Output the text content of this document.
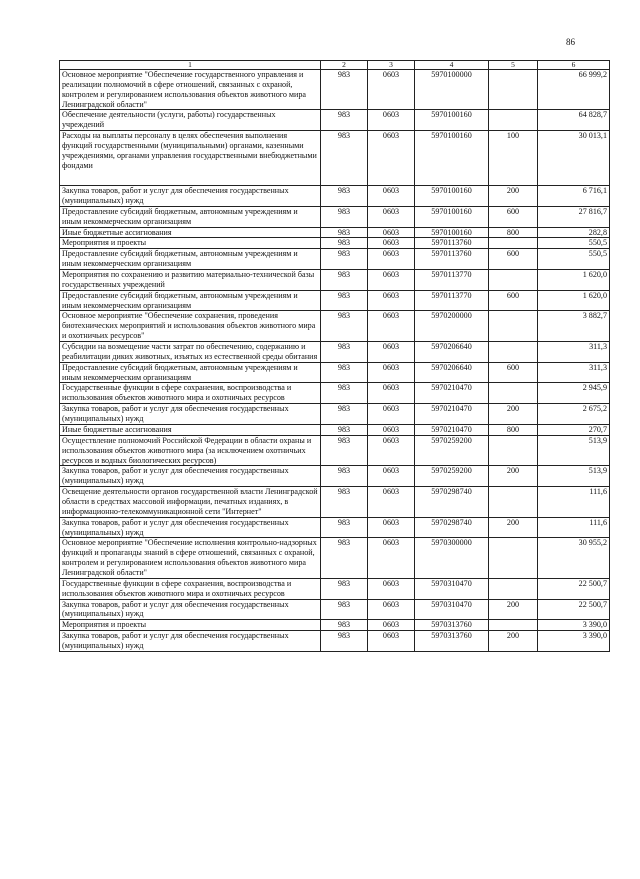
86
1	2	3	4	5	6
Основное мероприятие "Обеспечение государственного управления и реализации полномочий в сфере отношений, связанных с охраной, контролем и регулированием использования объектов животного мира Ленинградской области"	983	0603	5970100000		66 999,2
Обеспечение деятельности (услуги, работы) государственных учреждений	983	0603	5970100160		64 828,7
Расходы на выплаты персоналу в целях обеспечения выполнения функций государственными (муниципальными) органами, казенными учреждениями, органами управления государственными внебюджетными фондами	983	0603	5970100160	100	30 013,1
Закупка товаров, работ и услуг для обеспечения государственных (муниципальных) нужд	983	0603	5970100160	200	6 716,1
Предоставление субсидий бюджетным, автономным учреждениям и иным некоммерческим организациям	983	0603	5970100160	600	27 816,7
Иные бюджетные ассигнования	983	0603	5970100160	800	282,8
Мероприятия и проекты	983	0603	5970113760		550,5
Предоставление субсидий бюджетным, автономным учреждениям и иным некоммерческим организациям	983	0603	5970113760	600	550,5
Мероприятия по сохранению и развитию материально-технической базы государственных учреждений	983	0603	5970113770		1 620,0
Предоставление субсидий бюджетным, автономным учреждениям и иным некоммерческим организациям	983	0603	5970113770	600	1 620,0
Основное мероприятие "Обеспечение сохранения, проведения биотехнических мероприятий и использования объектов животного мира и охотничьих ресурсов"	983	0603	5970200000		3 882,7
Субсидии на возмещение части затрат по обеспечению, содержанию и реабилитации диких животных, изъятых из естественной среды обитания	983	0603	5970206640		311,3
Предоставление субсидий бюджетным, автономным учреждениям и иным некоммерческим организациям	983	0603	5970206640	600	311,3
Государственные функции в сфере сохранения, воспроизводства и использования объектов животного мира и охотничьих ресурсов	983	0603	5970210470		2 945,9
Закупка товаров, работ и услуг для обеспечения государственных (муниципальных) нужд	983	0603	5970210470	200	2 675,2
Иные бюджетные ассигнования	983	0603	5970210470	800	270,7
Осуществление полномочий Российской Федерации в области охраны и использования объектов животного мира (за исключением охотничьих ресурсов и водных биологических ресурсов)	983	0603	5970259200		513,9
Закупка товаров, работ и услуг для обеспечения государственных (муниципальных) нужд	983	0603	5970259200	200	513,9
Освещение деятельности органов государственной власти Ленинградской области в средствах массовой информации, печатных изданиях, в информационно-телекоммуникационной сети "Интернет"	983	0603	5970298740		111,6
Закупка товаров, работ и услуг для обеспечения государственных (муниципальных) нужд	983	0603	5970298740	200	111,6
Основное мероприятие "Обеспечение исполнения контрольно-надзорных функций и пропаганды знаний в сфере отношений, связанных с охраной, контролем и регулированием использования объектов животного мира Ленинградской области"	983	0603	5970300000		30 955,2
Государственные функции в сфере сохранения, воспроизводства и использования объектов животного мира и охотничьих ресурсов	983	0603	5970310470		22 500,7
Закупка товаров, работ и услуг для обеспечения государственных (муниципальных) нужд	983	0603	5970310470	200	22 500,7
Мероприятия и проекты	983	0603	5970313760		3 390,0
Закупка товаров, работ и услуг для обеспечения государственных (муниципальных) нужд	983	0603	5970313760	200	3 390,0
